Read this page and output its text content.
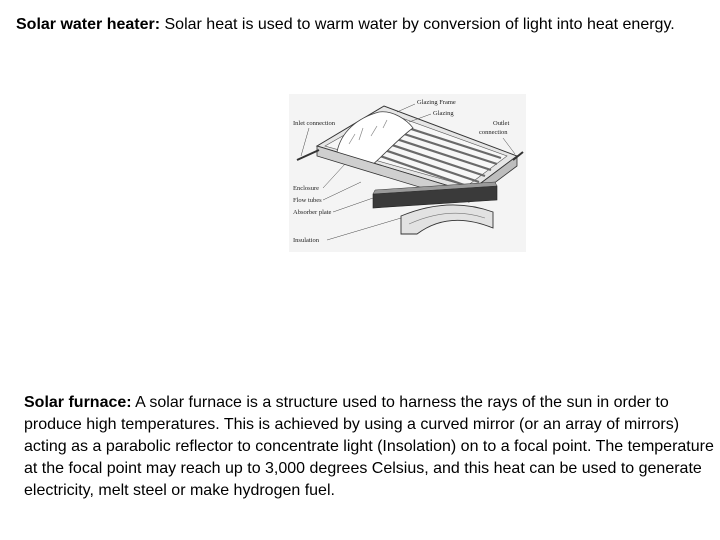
Solar water heater: Solar heat is used to warm water by conversion of light into heat energy.

Glazing Frame
Glazing
Inlet connection	Outlet
connection
Enclosure
Flow tubes
Absorber plate
Insulation

Solar furnace: A solar furnace is a structure used to harness the rays of the sun in order to produce high temperatures. This is achieved by using a curved mirror (or an array of mirrors) acting as a parabolic reflector to concentrate light (Insolation) on to a focal point. The temperature at the focal point may reach up to 3,000 degrees Celsius, and this heat can be used to generate electricity, melt steel or make hydrogen fuel.
